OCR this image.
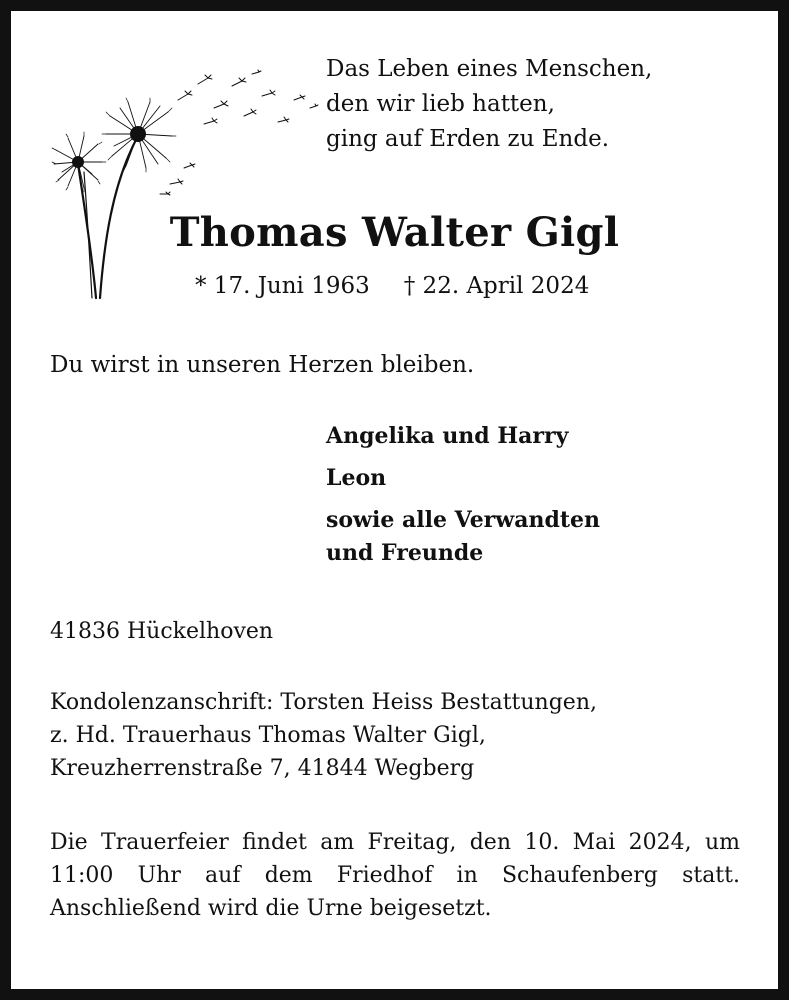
Das Leben eines Menschen,
den wir lieb hatten,
ging auf Erden zu Ende.
Thomas Walter Gigl
* 17. Juni 1963 † 22. April 2024

Du wirst in unseren Herzen bleiben.

Angelika und Harry
Leon
sowie alle Verwandten
und Freunde

41836 Hückelhoven

Kondolenzanschrift: Torsten Heiss Bestattungen,
z. Hd. Trauerhaus Thomas Walter Gigl,
Kreuzherrenstraße 7, 41844 Wegberg
Die Trauerfeier findet am Freitag, den 10. Mai 2024, um
11:00 Uhr auf dem Friedhof in Schaufenberg statt.
Anschließend wird die Urne beigesetzt.
